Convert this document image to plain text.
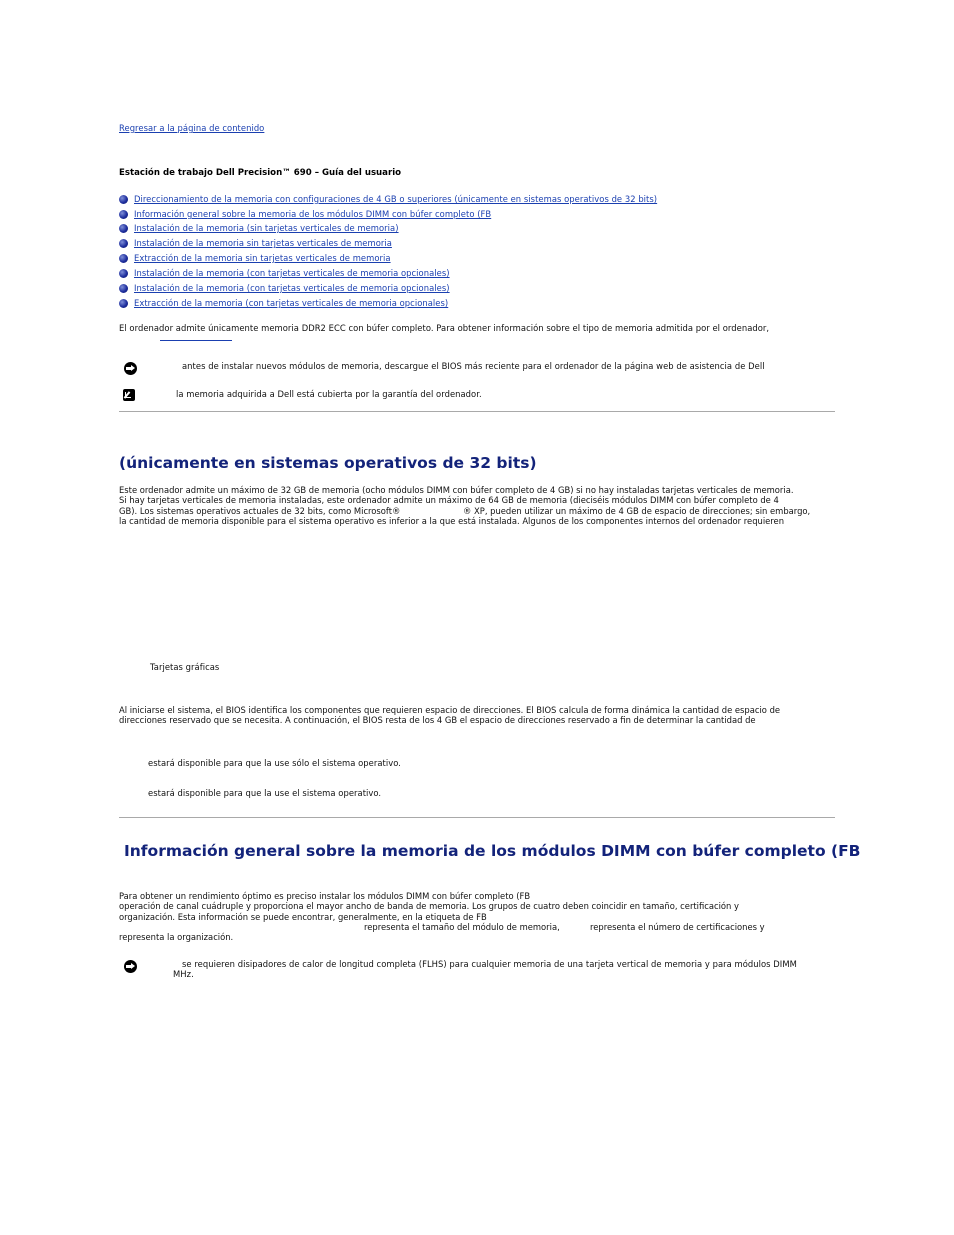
Regresar a la página de contenido
Estación de trabajo Dell Precision™ 690 – Guía del usuario
Direccionamiento de la memoria con configuraciones de 4 GB o superiores (únicamente en sistemas operativos de 32 bits)
Información general sobre la memoria de los módulos DIMM con búfer completo (FB
Instalación de la memoria (sin tarjetas verticales de memoria)
Instalación de la memoria sin tarjetas verticales de memoria
Extracción de la memoria sin tarjetas verticales de memoria
Instalación de la memoria (con tarjetas verticales de memoria opcionales)
Instalación de la memoria (con tarjetas verticales de memoria opcionales)
Extracción de la memoria (con tarjetas verticales de memoria opcionales)
El ordenador admite únicamente memoria DDR2 ECC con búfer completo. Para obtener información sobre el tipo de memoria admitida por el ordenador,
antes de instalar nuevos módulos de memoria, descargue el BIOS más reciente para el ordenador de la página web de asistencia de Dell
la memoria adquirida a Dell está cubierta por la garantía del ordenador.
(únicamente en sistemas operativos de 32 bits)
Este ordenador admite un máximo de 32 GB de memoria (ocho módulos DIMM con búfer completo de 4 GB) si no hay instaladas tarjetas verticales de memoria.
Si hay tarjetas verticales de memoria instaladas, este ordenador admite un máximo de 64 GB de memoria (dieciséis módulos DIMM con búfer completo de 4
GB). Los sistemas operativos actuales de 32 bits, como Microsoft®	® XP, pueden utilizar un máximo de 4 GB de espacio de direcciones; sin embargo,
la cantidad de memoria disponible para el sistema operativo es inferior a la que está instalada. Algunos de los componentes internos del ordenador requieren
Tarjetas gráficas
Al iniciarse el sistema, el BIOS identifica los componentes que requieren espacio de direcciones. El BIOS calcula de forma dinámica la cantidad de espacio de
direcciones reservado que se necesita. A continuación, el BIOS resta de los 4 GB el espacio de direcciones reservado a fin de determinar la cantidad de
estará disponible para que la use sólo el sistema operativo.
estará disponible para que la use el sistema operativo.
Información general sobre la memoria de los módulos DIMM con búfer completo (FB
Para obtener un rendimiento óptimo es preciso instalar los módulos DIMM con búfer completo (FB
operación de canal cuádruple y proporciona el mayor ancho de banda de memoria. Los grupos de cuatro deben coincidir en tamaño, certificación y
organización. Esta información se puede encontrar, generalmente, en la etiqueta de FB
representa el tamaño del módulo de memoria,	representa el número de certificaciones y
representa la organización.
se requieren disipadores de calor de longitud completa (FLHS) para cualquier memoria de una tarjeta vertical de memoria y para módulos DIMM
MHz.
